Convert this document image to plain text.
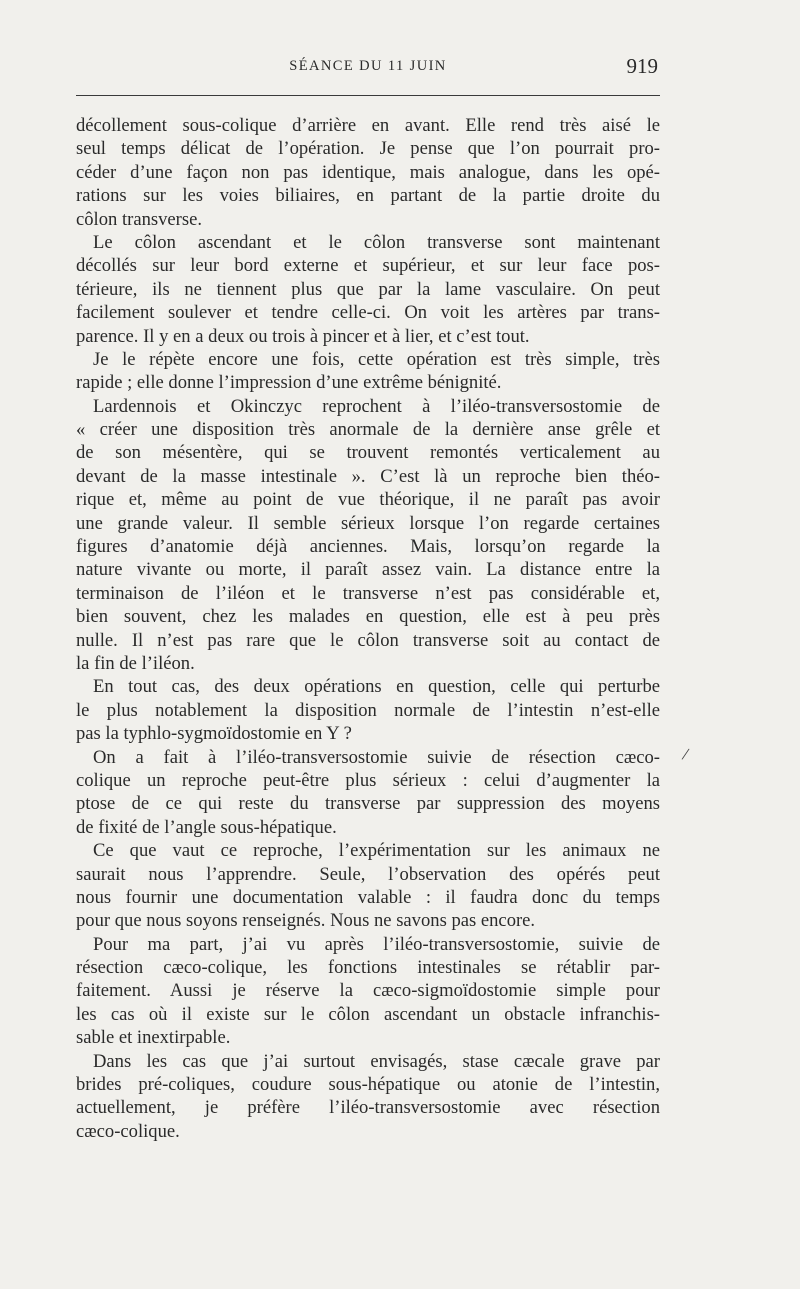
SÉANCE DU 11 JUIN	919
décollement sous-colique d’arrière en avant. Elle rend très aisé le
seul temps délicat de l’opération. Je pense que l’on pourrait pro-
céder d’une façon non pas identique, mais analogue, dans les opé-
rations sur les voies biliaires, en partant de la partie droite du
côlon transverse.
Le côlon ascendant et le côlon transverse sont maintenant
décollés sur leur bord externe et supérieur, et sur leur face pos-
térieure, ils ne tiennent plus que par la lame vasculaire. On peut
facilement soulever et tendre celle-ci. On voit les artères par trans-
parence. Il y en a deux ou trois à pincer et à lier, et c’est tout.
Je le répète encore une fois, cette opération est très simple, très
rapide ; elle donne l’impression d’une extrême bénignité.
Lardennois et Okinczyc reprochent à l’iléo-transversostomie de
« créer une disposition très anormale de la dernière anse grêle et
de son mésentère, qui se trouvent remontés verticalement au
devant de la masse intestinale ». C’est là un reproche bien théo-
rique et, même au point de vue théorique, il ne paraît pas avoir
une grande valeur. Il semble sérieux lorsque l’on regarde certaines
figures d’anatomie déjà anciennes. Mais, lorsqu’on regarde la
nature vivante ou morte, il paraît assez vain. La distance entre la
terminaison de l’iléon et le transverse n’est pas considérable et,
bien souvent, chez les malades en question, elle est à peu près
nulle. Il n’est pas rare que le côlon transverse soit au contact de
la fin de l’iléon.
En tout cas, des deux opérations en question, celle qui perturbe
le plus notablement la disposition normale de l’intestin n’est-elle
pas la typhlo-sygmoïdostomie en Y ?
On a fait à l’iléo-transversostomie suivie de résection cæco-
colique un reproche peut-être plus sérieux : celui d’augmenter la
ptose de ce qui reste du transverse par suppression des moyens
de fixité de l’angle sous-hépatique.
Ce que vaut ce reproche, l’expérimentation sur les animaux ne
saurait nous l’apprendre. Seule, l’observation des opérés peut
nous fournir une documentation valable : il faudra donc du temps
pour que nous soyons renseignés. Nous ne savons pas encore.
Pour ma part, j’ai vu après l’iléo-transversostomie, suivie de
résection cæco-colique, les fonctions intestinales se rétablir par-
faitement. Aussi je réserve la cæco-sigmoïdostomie simple pour
les cas où il existe sur le côlon ascendant un obstacle infranchis-
sable et inextirpable.
Dans les cas que j’ai surtout envisagés, stase cæcale grave par
brides pré-coliques, coudure sous-hépatique ou atonie de l’intestin,
actuellement, je préfère l’iléo-transversostomie avec résection
cæco-colique.
/
